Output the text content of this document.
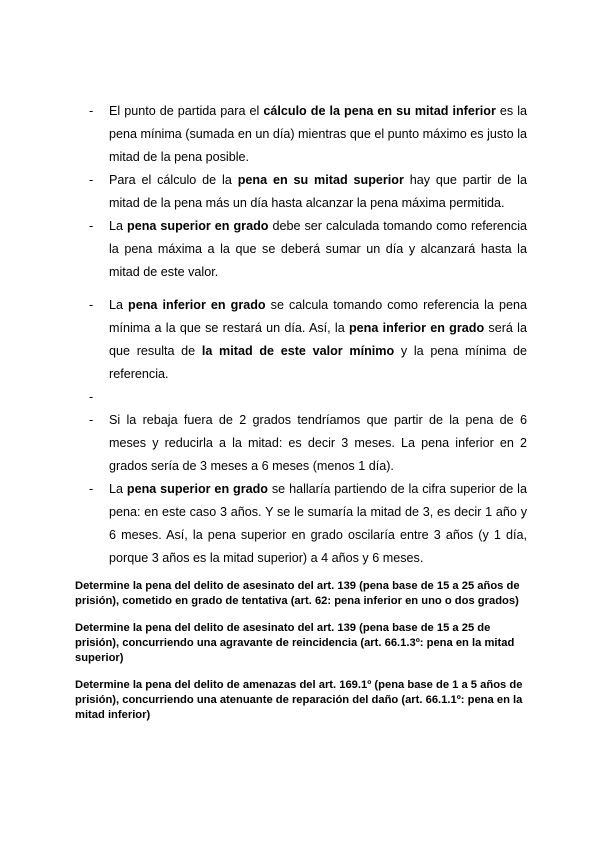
- El punto de partida para el cálculo de la pena en su mitad inferior es la pena mínima (sumada en un día) mientras que el punto máximo es justo la mitad de la pena posible.
- Para el cálculo de la pena en su mitad superior hay que partir de la mitad de la pena más un día hasta alcanzar la pena máxima permitida.
- La pena superior en grado debe ser calculada tomando como referencia la pena máxima a la que se deberá sumar un día y alcanzará hasta la mitad de este valor.
- La pena inferior en grado se calcula tomando como referencia la pena mínima a la que se restará un día. Así, la pena inferior en grado será la que resulta de la mitad de este valor mínimo y la pena mínima de referencia.
-

- Si la rebaja fuera de 2 grados tendríamos que partir de la pena de 6 meses y reducirla a la mitad: es decir 3 meses. La pena inferior en 2 grados sería de 3 meses a 6 meses (menos 1 día).
- La pena superior en grado se hallaría partiendo de la cifra superior de la pena: en este caso 3 años. Y se le sumaría la mitad de 3, es decir 1 año y 6 meses. Así, la pena superior en grado oscilaría entre 3 años (y 1 día, porque 3 años es la mitad superior) a 4 años y 6 meses.

Determine la pena del delito de asesinato del art. 139 (pena base de 15 a 25 años de prisión), cometido en grado de tentativa (art. 62: pena inferior en uno o dos grados)

Determine la pena del delito de asesinato del art. 139 (pena base de 15 a 25 de prisión), concurriendo una agravante de reincidencia (art. 66.1.3º: pena en la mitad superior)

Determine la pena del delito de amenazas del art. 169.1º (pena base de 1 a 5 años de prisión), concurriendo una atenuante de reparación del daño (art. 66.1.1º: pena en la mitad inferior)
